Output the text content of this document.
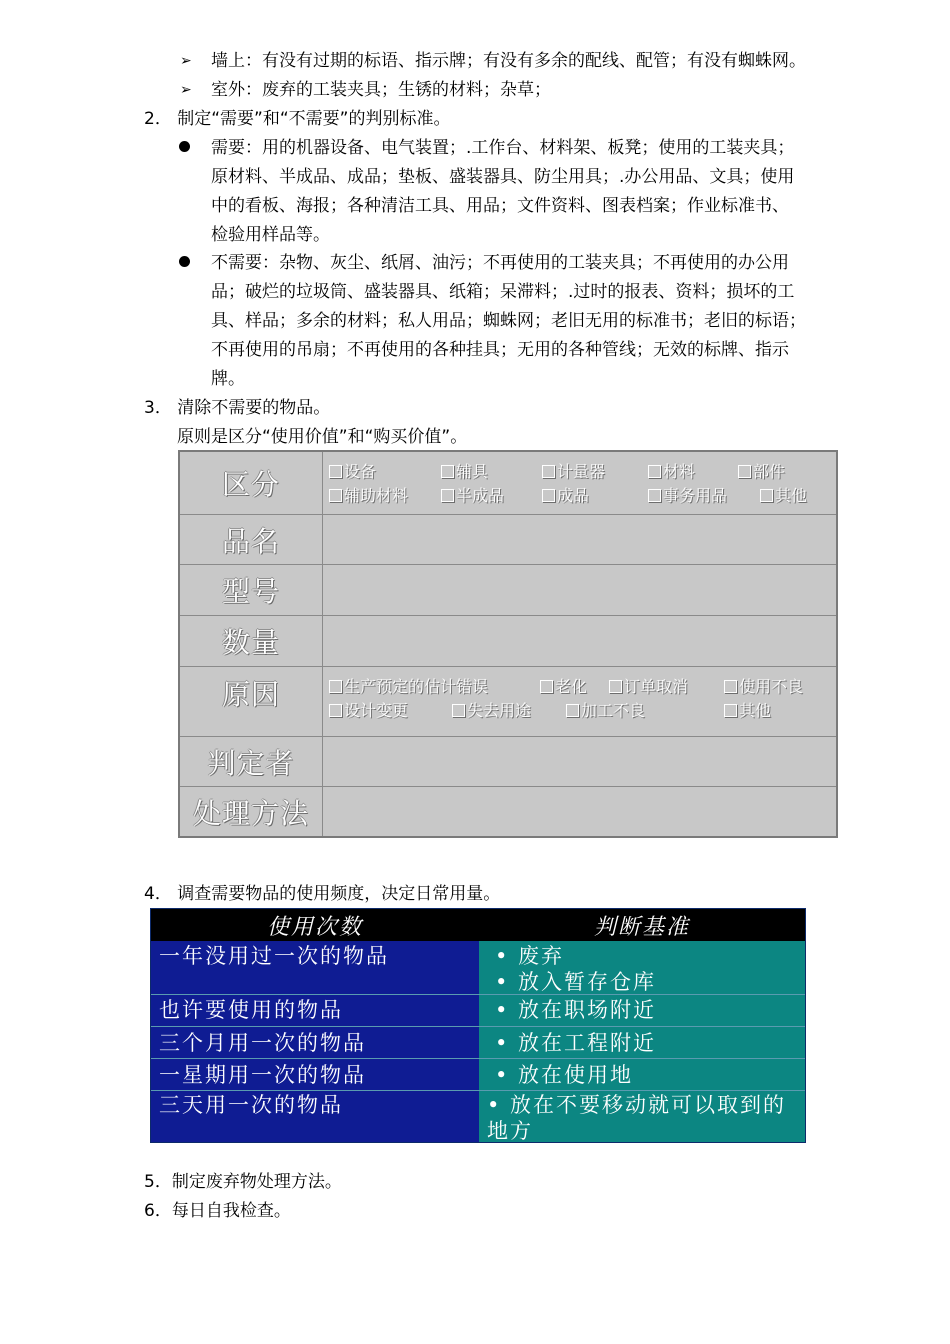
➢ 墙上：有没有过期的标语、指示牌；有没有多余的配线、配管；有没有蜘蛛网。
➢ 室外：废弃的工装夹具；生锈的材料；杂草；
2． 制定“需要”和“不需要”的判别标准。
需要：用的机器设备、电气装置；.工作台、材料架、板凳；使用的工装夹具；
原材料、半成品、成品；垫板、盛装器具、防尘用具；.办公用品、文具；使用
中的看板、海报；各种清洁工具、用品；文件资料、图表档案；作业标准书、
检验用样品等。
不需要：杂物、灰尘、纸屑、油污；不再使用的工装夹具；不再使用的办公用
品；破烂的垃圾筒、盛装器具、纸箱；呆滞料；.过时的报表、资料；损坏的工
具、样品；多余的材料；私人用品；蜘蛛网；老旧无用的标准书；老旧的标语；
不再使用的吊扇；不再使用的各种挂具；无用的各种管线；无效的标牌、指示
牌。
3． 清除不需要的物品。
原则是区分“使用价值”和“购买价值”。
区分	设备	辅具	计量器	材料	部件
辅助材料	半成品	成品	事务用品	其他
品名
型号
数量
原因	生产预定的估计错误	老化	订单取消	使用不良
设计变更	失去用途	加工不良	其他
判定者
处理方法
4． 调查需要物品的使用频度，决定日常用量。
使用次数	判断基准
一年没用过一次的物品	• 废弃
• 放入暂存仓库
也许要使用的物品	• 放在职场附近
三个月用一次的物品	• 放在工程附近
一星期用一次的物品	• 放在使用地
三天用一次的物品	• 放在不要移动就可以取到的地方
5．制定废弃物处理方法。
6．每日自我检查。
